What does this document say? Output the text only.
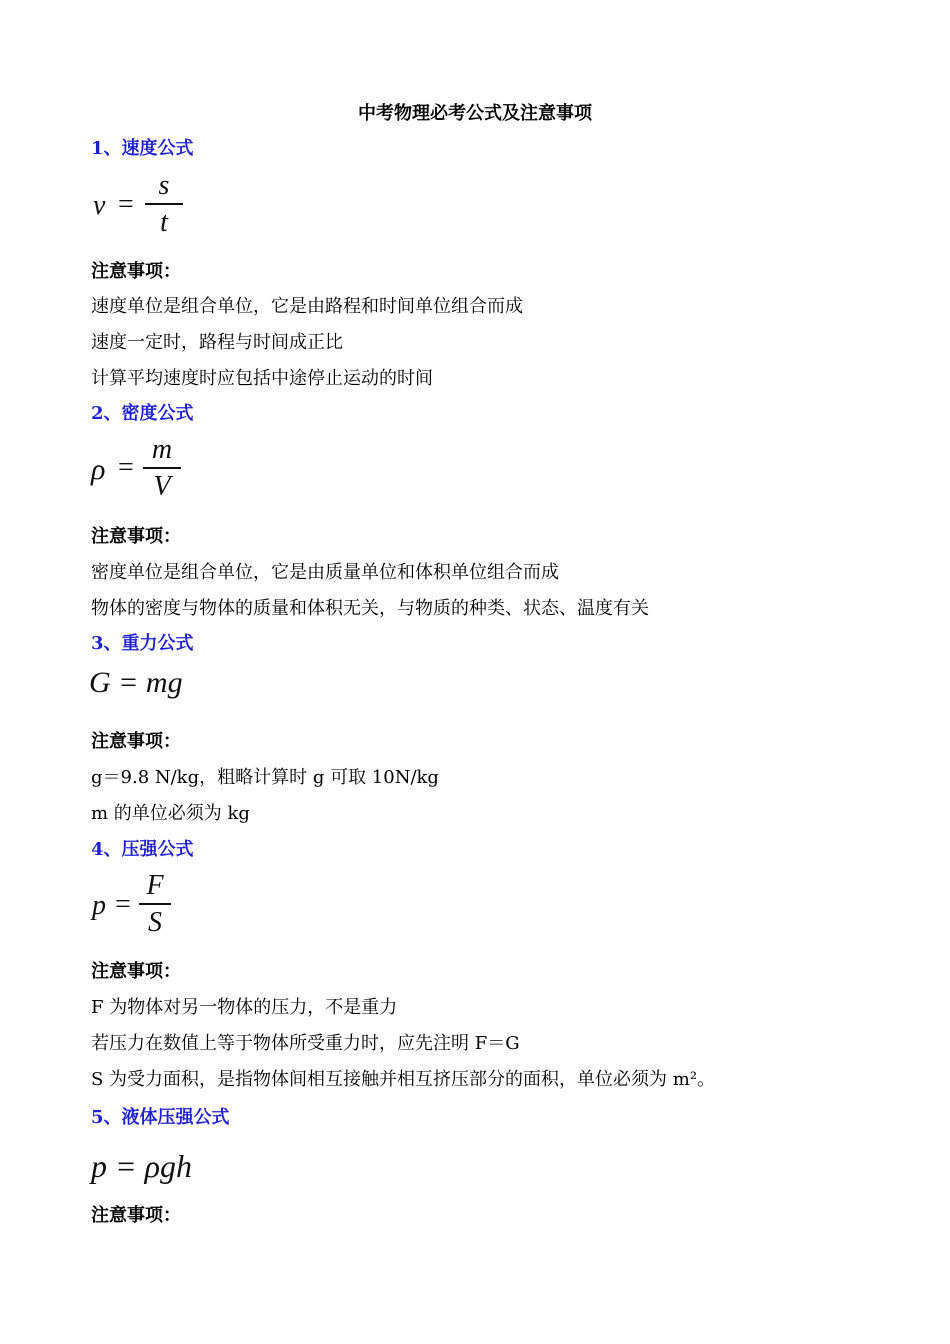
中考物理必考公式及注意事项
1、速度公式
v =
s
t
注意事项：
速度单位是组合单位，它是由路程和时间单位组合而成
速度一定时，路程与时间成正比
计算平均速度时应包括中途停止运动的时间
2、密度公式
ρ =
m
V
注意事项：
密度单位是组合单位，它是由质量单位和体积单位组合而成
物体的密度与物体的质量和体积无关，与物质的种类、状态、温度有关
3、重力公式
G = mg
注意事项：
g＝9.8 N/kg，粗略计算时 g 可取 10N/kg
m 的单位必须为 kg
4、压强公式
p =
F
S
注意事项：
F 为物体对另一物体的压力，不是重力
若压力在数值上等于物体所受重力时，应先注明 F＝G
S 为受力面积，是指物体间相互接触并相互挤压部分的面积，单位必须为 m²。
5、液体压强公式
p = ρgh
注意事项：
